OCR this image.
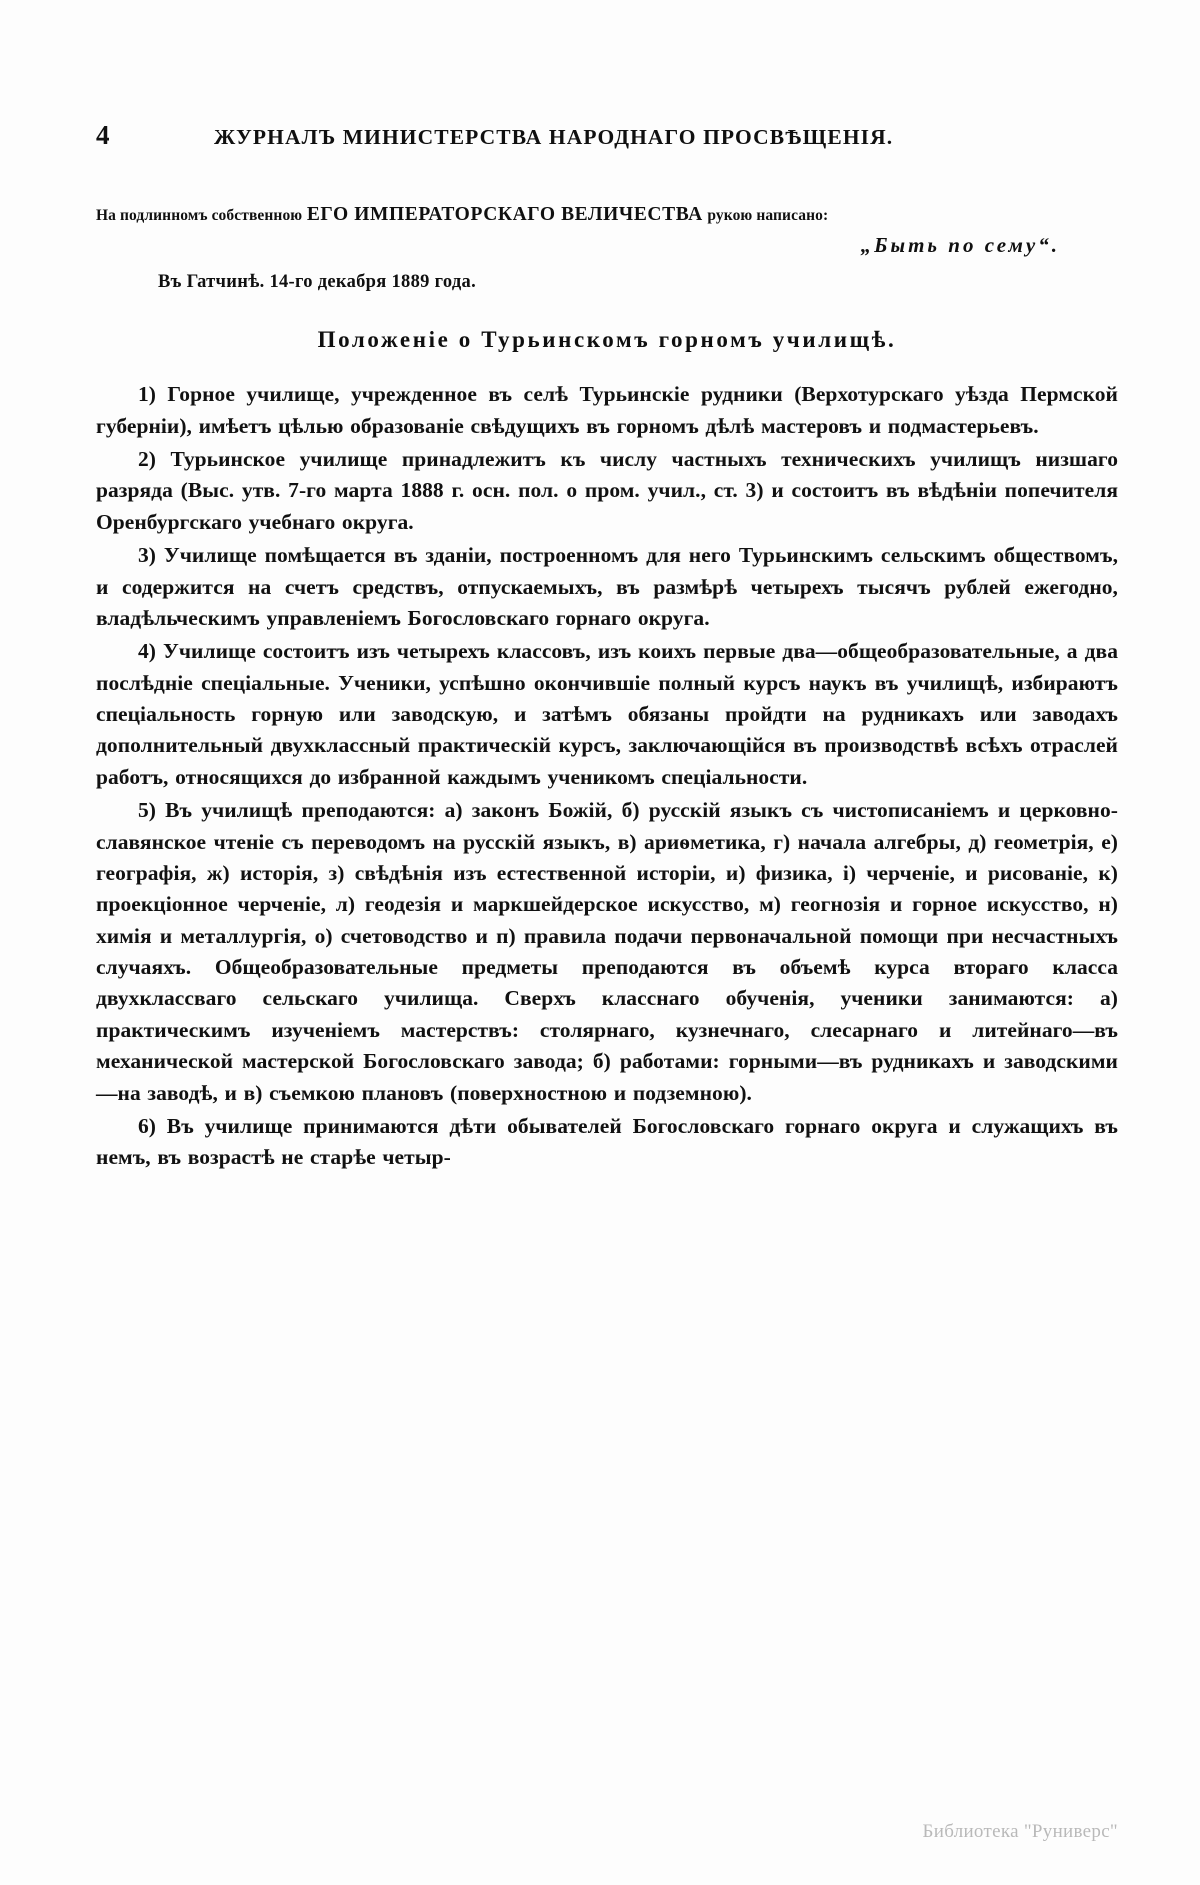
4	ЖУРНАЛЪ МИНИСТЕРСТВА НАРОДНАГО ПРОСВѢЩЕНІЯ.
На подлинномъ собственною ЕГО ИМПЕРАТОРСКАГО ВЕЛИЧЕСТВА рукою написано:
„Быть по сему“.
Въ Гатчинѣ. 14-го декабря 1889 года.
Положеніе о Турьинскомъ горномъ училищѣ.

1) Горное училище, учрежденное въ селѣ Турьинскіе рудники (Верхотурскаго уѣзда Пермской губерніи), имѣетъ цѣлью образованіе свѣдущихъ въ горномъ дѣлѣ мастеровъ и подмастерьевъ.

2) Турьинское училище принадлежитъ къ числу частныхъ техническихъ училищъ низшаго разряда (Выс. утв. 7-го марта 1888 г. осн. пол. о пром. учил., ст. 3) и состоитъ въ вѣдѣніи попечителя Оренбургскаго учебнаго округа.

3) Училище помѣщается въ зданіи, построенномъ для него Турьинскимъ сельскимъ обществомъ, и содержится на счетъ средствъ, отпускаемыхъ, въ размѣрѣ четырехъ тысячъ рублей ежегодно, владѣльческимъ управленіемъ Богословскаго горнаго округа.

4) Училище состоитъ изъ четырехъ классовъ, изъ коихъ первые два—общеобразовательные, а два послѣдніе спеціальные. Ученики, успѣшно окончившіе полный курсъ наукъ въ училищѣ, избираютъ спеціальность горную или заводскую, и затѣмъ обязаны пройдти на рудникахъ или заводахъ дополнительный двухклассный практическій курсъ, заключающійся въ производствѣ всѣхъ отраслей работъ, относящихся до избранной каждымъ ученикомъ спеціальности.

5) Въ училищѣ преподаются: а) законъ Божій, б) русскій языкъ съ чистописаніемъ и церковно-славянское чтеніе съ переводомъ на русскій языкъ, в) ариѳметика, г) начала алгебры, д) геометрія, е) географія, ж) исторія, з) свѣдѣнія изъ естественной исторіи, и) физика, і) черченіе, и рисованіе, к) проекціонное черченіе, л) геодезія и маркшейдерское искусство, м) геогнозія и горное искусство, н) химія и металлургія, о) счетоводство и п) правила подачи первоначальной помощи при несчастныхъ случаяхъ. Общеобразовательные предметы преподаются въ объемѣ курса втораго класса двухклассваго сельскаго училища. Сверхъ класснаго обученія, ученики занимаются: а) практическимъ изученіемъ мастерствъ: столярнаго, кузнечнаго, слесарнаго и литейнаго—въ механической мастерской Богословскаго завода; б) работами: горными—въ рудникахъ и заводскими—на заводѣ, и в) съемкою плановъ (поверхностною и подземною).

6) Въ училище принимаются дѣти обывателей Богословскаго горнаго округа и служащихъ въ немъ, въ возрастѣ не старѣе четыр-

Библиотека "Руниверс"
